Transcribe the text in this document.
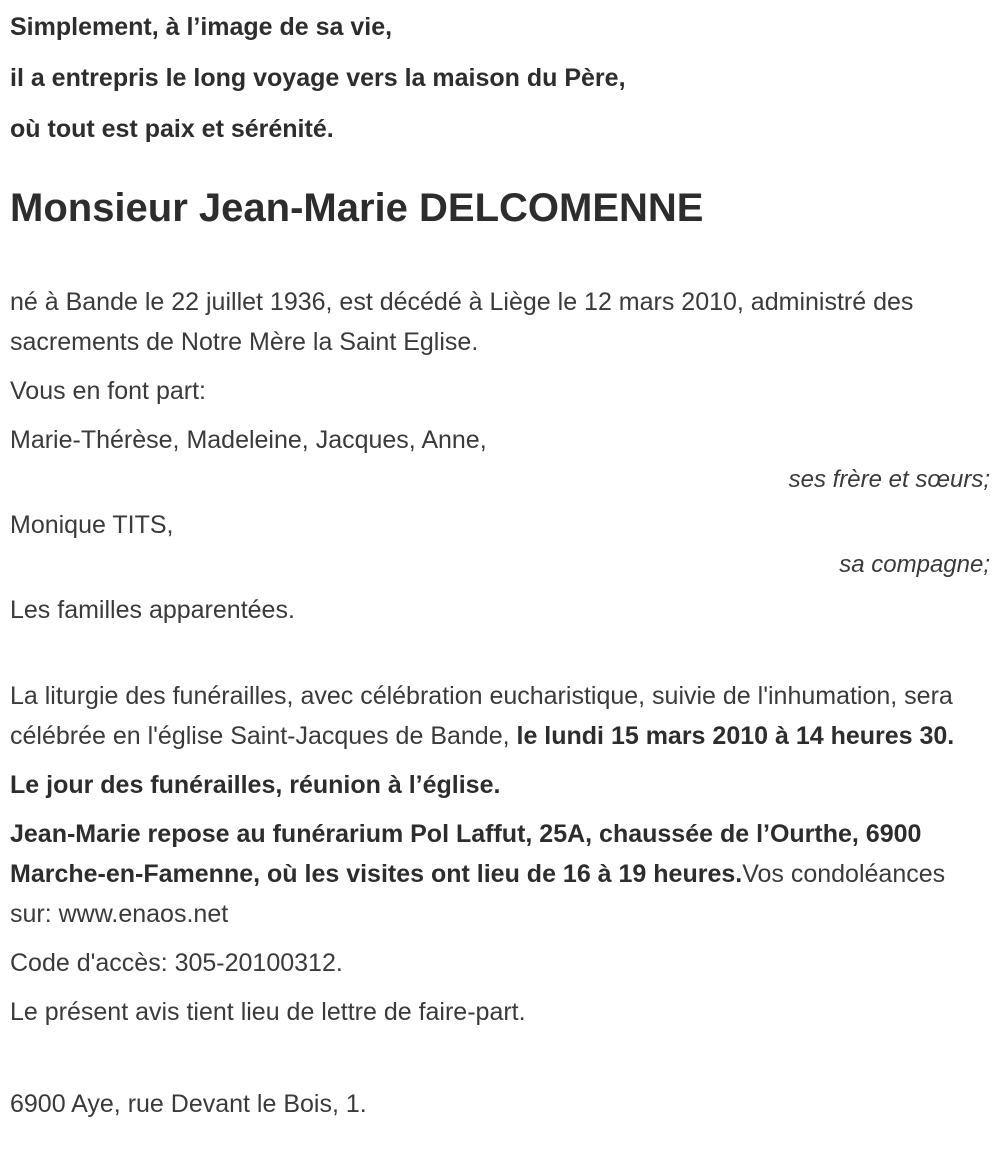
Simplement, à l’image de sa vie,

il a entrepris le long voyage vers la maison du Père,

où tout est paix et sérénité.

Monsieur Jean-Marie DELCOMENNE

né à Bande le 22 juillet 1936, est décédé à Liège le 12 mars 2010, administré des sacrements de Notre Mère la Saint Eglise.

Vous en font part:

Marie-Thérèse, Madeleine, Jacques, Anne,

ses frère et sœurs;

Monique TITS,

sa compagne;

Les familles apparentées.

La liturgie des funérailles, avec célébration eucharistique, suivie de l'inhumation, sera célébrée en l'église Saint-Jacques de Bande, le lundi 15 mars 2010 à 14 heures 30.

Le jour des funérailles, réunion à l’église.

Jean-Marie repose au funérarium Pol Laffut, 25A, chaussée de l’Ourthe, 6900 Marche-en-Famenne, où les visites ont lieu de 16 à 19 heures.Vos condoléances sur: www.enaos.net

Code d'accès: 305-20100312.

Le présent avis tient lieu de lettre de faire-part.

6900 Aye, rue Devant le Bois, 1.
